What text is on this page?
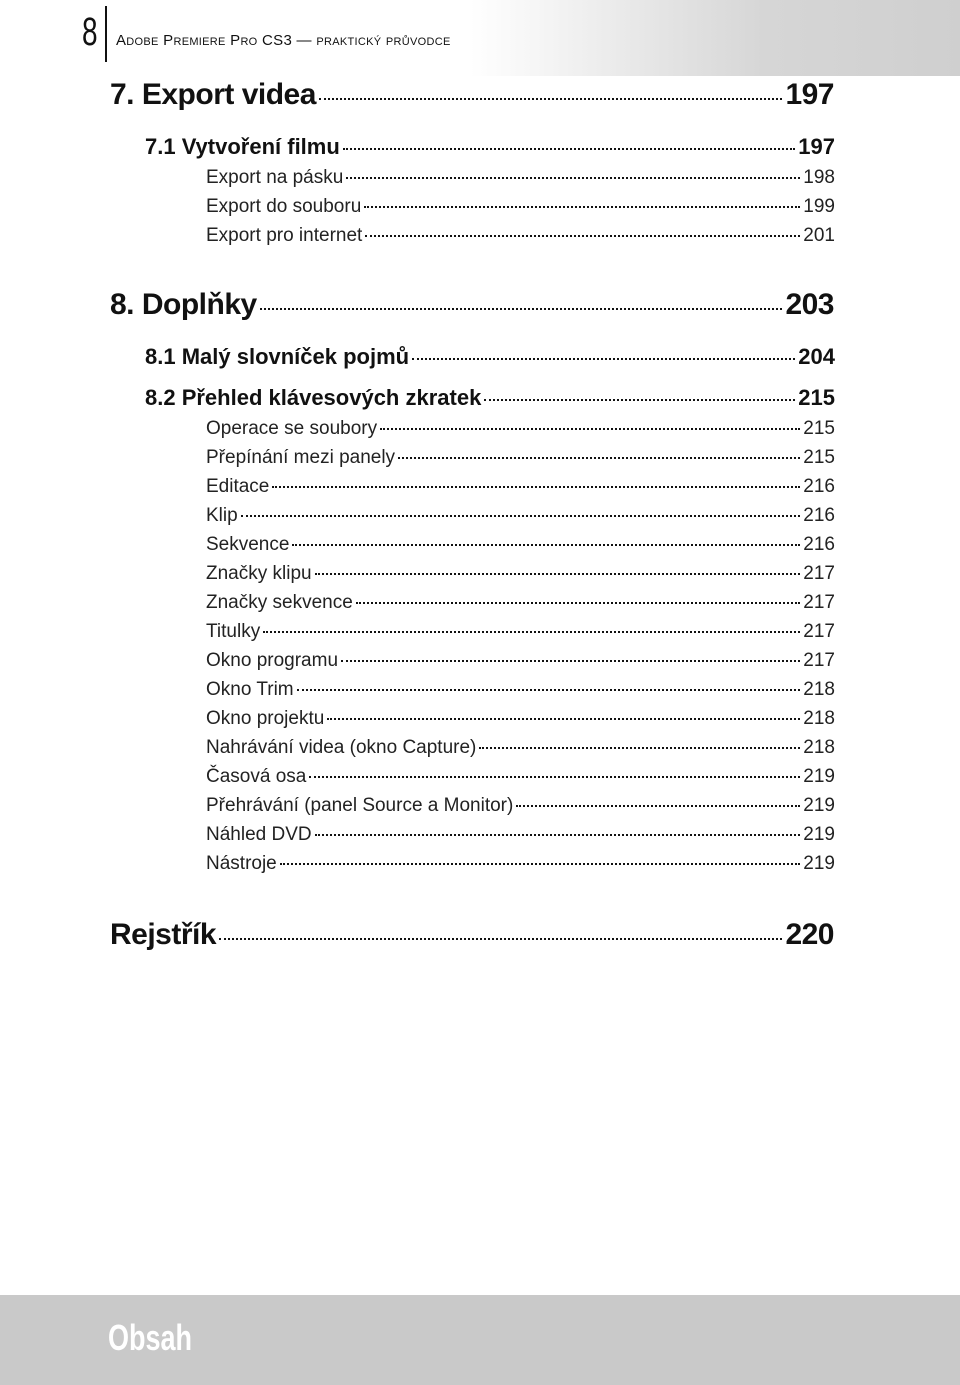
8 Adobe Premiere Pro CS3 — praktický průvodce
7. Export videa	197
7.1 Vytvoření filmu	197
Export na pásku	198
Export do souboru	199
Export pro internet	201
8. Doplňky	203
8.1 Malý slovníček pojmů	204
8.2 Přehled klávesových zkratek	215
Operace se soubory	215
Přepínání mezi panely	215
Editace	216
Klip	216
Sekvence	216
Značky klipu	217
Značky sekvence	217
Titulky	217
Okno programu	217
Okno Trim	218
Okno projektu	218
Nahrávání videa (okno Capture)	218
Časová osa	219
Přehrávání (panel Source a Monitor)	219
Náhled DVD	219
Nástroje	219
Rejstřík	220
Obsah
